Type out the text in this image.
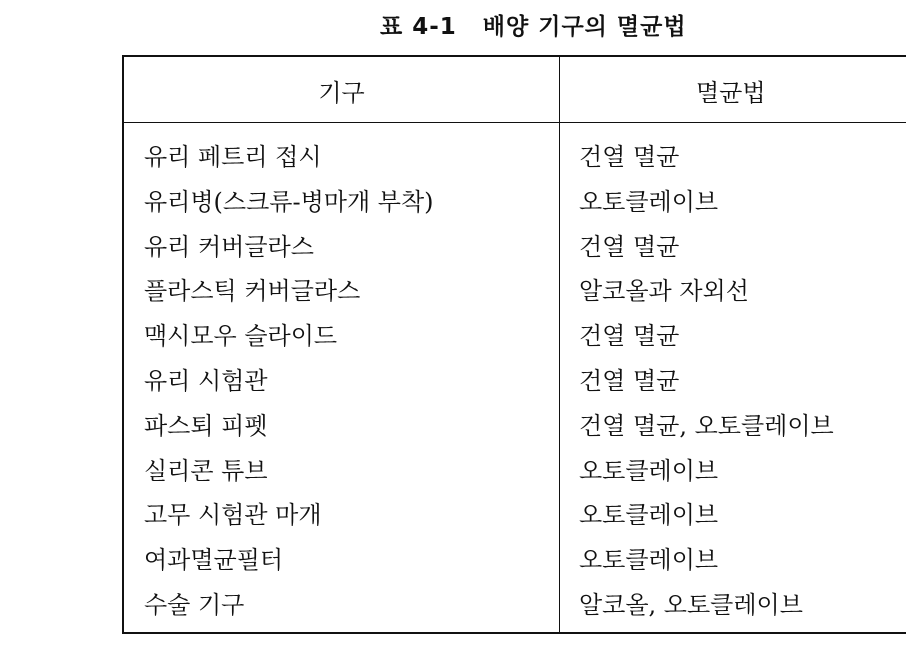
표 4-1 배양 기구의 멸균법
기구	멸균법
유리 페트리 접시	건열 멸균
유리병(스크류-병마개 부착)	오토클레이브
유리 커버글라스	건열 멸균
플라스틱 커버글라스	알코올과 자외선
맥시모우 슬라이드	건열 멸균
유리 시험관	건열 멸균
파스퇴 피펫	건열 멸균, 오토클레이브
실리콘 튜브	오토클레이브
고무 시험관 마개	오토클레이브
여과멸균필터	오토클레이브
수술 기구	알코올, 오토클레이브
